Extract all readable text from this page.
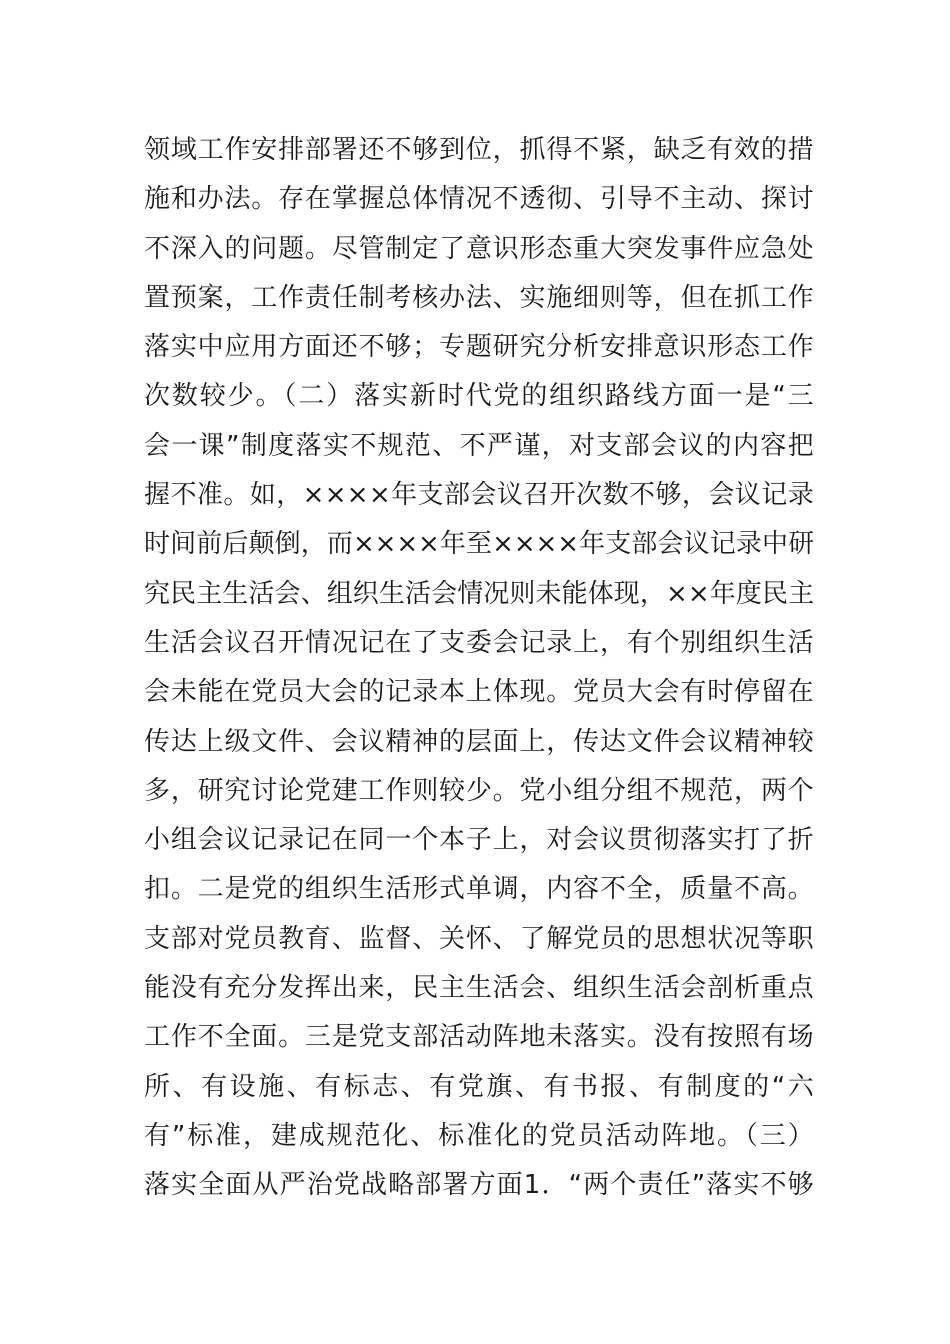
领域工作安排部署还不够到位，抓得不紧，缺乏有效的措
施和办法。存在掌握总体情况不透彻、引导不主动、探讨
不深入的问题。尽管制定了意识形态重大突发事件应急处
置预案，工作责任制考核办法、实施细则等，但在抓工作
落实中应用方面还不够；专题研究分析安排意识形态工作
次数较少。（二）落实新时代党的组织路线方面一是“三
会一课”制度落实不规范、不严谨，对支部会议的内容把
握不准。如，××××年支部会议召开次数不够，会议记录
时间前后颠倒，而××××年至××××年支部会议记录中研
究民主生活会、组织生活会情况则未能体现，××年度民主
生活会议召开情况记在了支委会记录上，有个别组织生活
会未能在党员大会的记录本上体现。党员大会有时停留在
传达上级文件、会议精神的层面上，传达文件会议精神较
多，研究讨论党建工作则较少。党小组分组不规范，两个
小组会议记录记在同一个本子上，对会议贯彻落实打了折
扣。二是党的组织生活形式单调，内容不全，质量不高。
支部对党员教育、监督、关怀、了解党员的思想状况等职
能没有充分发挥出来，民主生活会、组织生活会剖析重点
工作不全面。三是党支部活动阵地未落实。没有按照有场
所、有设施、有标志、有党旗、有书报、有制度的“六
有”标准，建成规范化、标准化的党员活动阵地。（三）
落实全面从严治党战略部署方面1．“两个责任”落实不够
